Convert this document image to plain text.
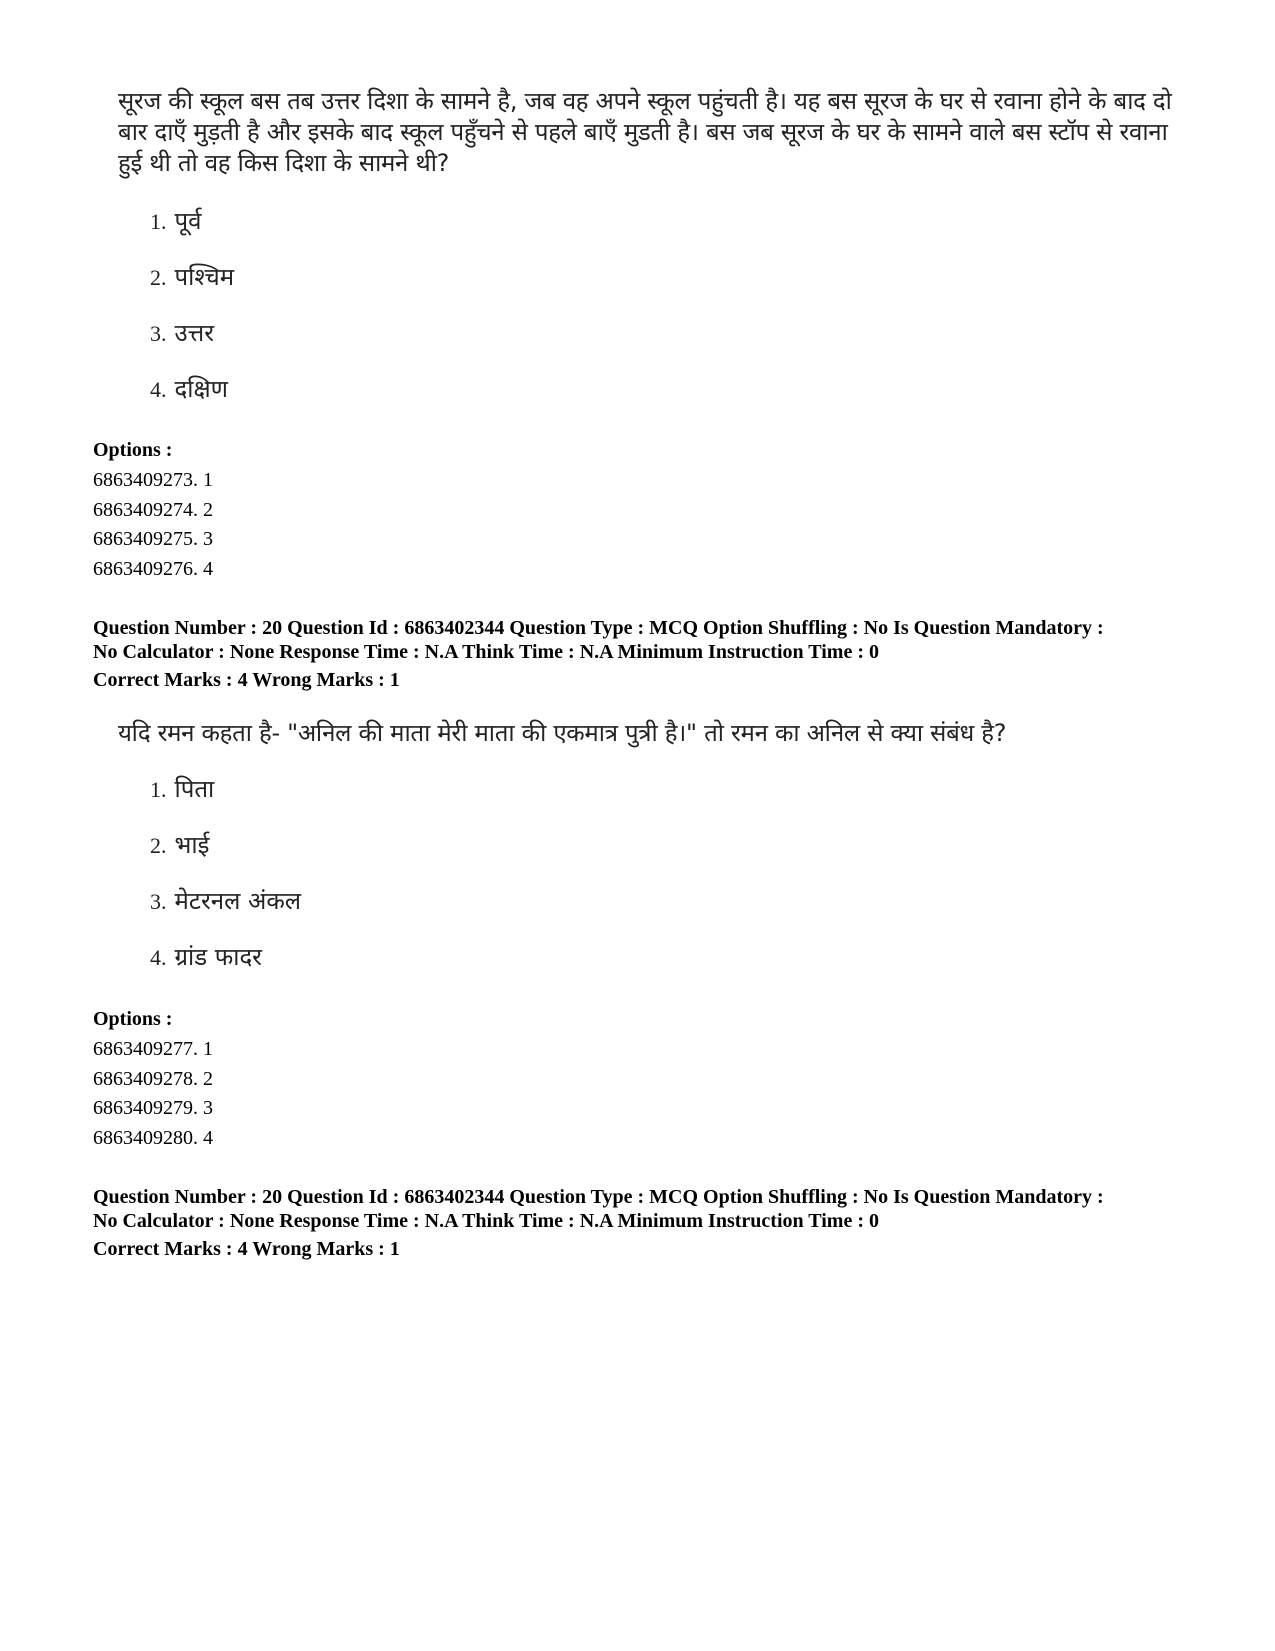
सूरज की स्कूल बस तब उत्तर दिशा के सामने है, जब वह अपने स्कूल पहुंचती है। यह बस सूरज के घर से रवाना होने के बाद दो बार दाएँ मुड़ती है और इसके बाद स्कूल पहुँचने से पहले बाएँ मुडती है। बस जब सूरज के घर के सामने वाले बस स्टॉप से रवाना हुई थी तो वह किस दिशा के सामने थी?
1. पूर्व
2. पश्चिम
3. उत्तर
4. दक्षिण
Options :
6863409273. 1
6863409274. 2
6863409275. 3
6863409276. 4
Question Number : 20 Question Id : 6863402344 Question Type : MCQ Option Shuffling : No Is Question Mandatory :
No Calculator : None Response Time : N.A Think Time : N.A Minimum Instruction Time : 0
Correct Marks : 4 Wrong Marks : 1
यदि रमन कहता है- "अनिल की माता मेरी माता की एकमात्र पुत्री है।" तो रमन का अनिल से क्या संबंध है?
1. पिता
2. भाई
3. मेटरनल अंकल
4. ग्रांड फादर
Options :
6863409277. 1
6863409278. 2
6863409279. 3
6863409280. 4
Question Number : 20 Question Id : 6863402344 Question Type : MCQ Option Shuffling : No Is Question Mandatory :
No Calculator : None Response Time : N.A Think Time : N.A Minimum Instruction Time : 0
Correct Marks : 4 Wrong Marks : 1
